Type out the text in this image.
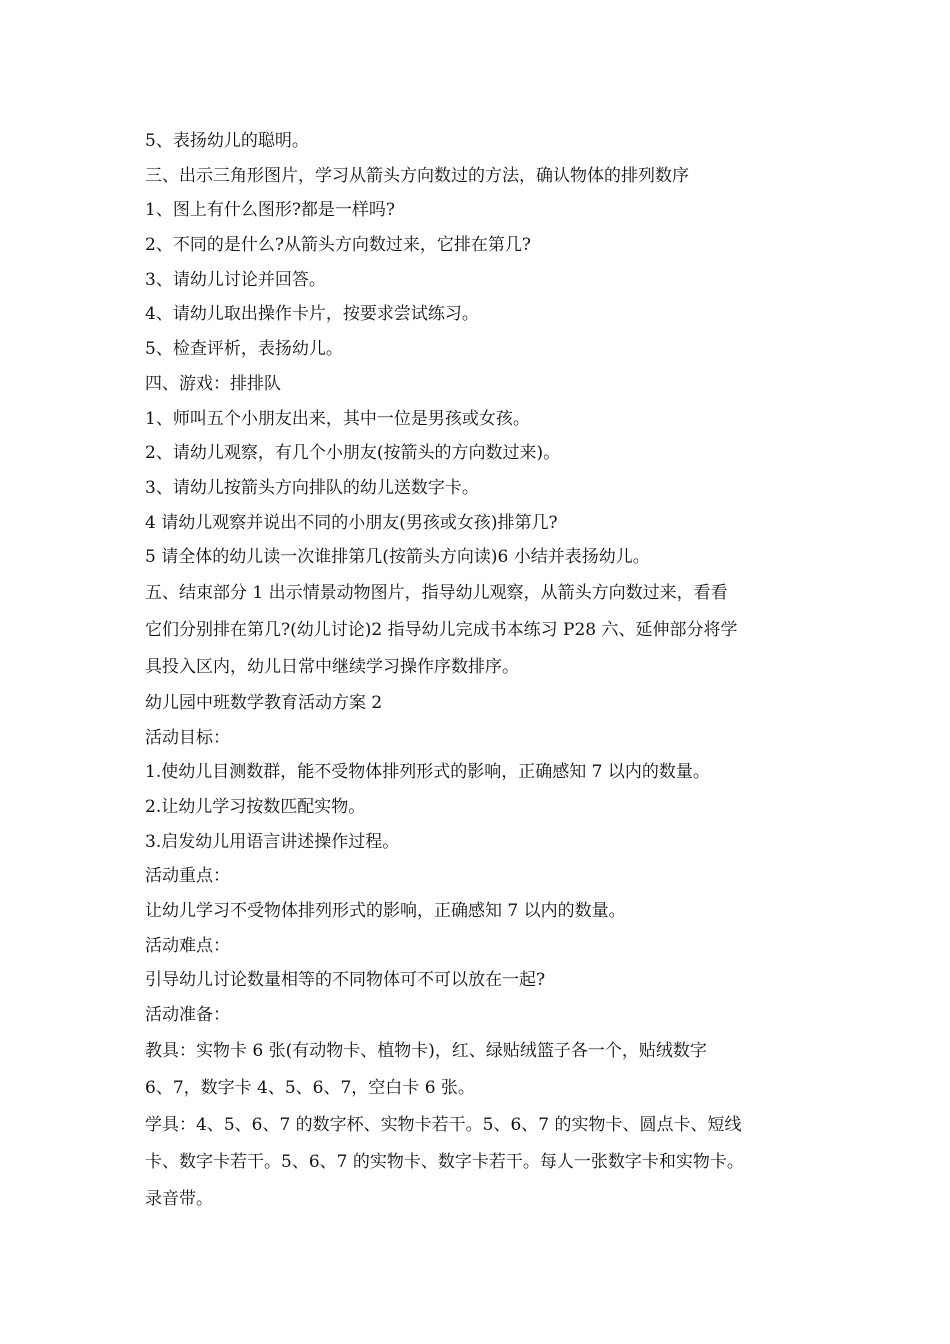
5、表扬幼儿的聪明。
三、出示三角形图片，学习从箭头方向数过的方法，确认物体的排列数序
1、图上有什么图形?都是一样吗?
2、不同的是什么?从箭头方向数过来，它排在第几?
3、请幼儿讨论并回答。
4、请幼儿取出操作卡片，按要求尝试练习。
5、检查评析，表扬幼儿。
四、游戏：排排队
1、师叫五个小朋友出来，其中一位是男孩或女孩。
2、请幼儿观察，有几个小朋友(按箭头的方向数过来)。
3、请幼儿按箭头方向排队的幼儿送数字卡。
4 请幼儿观察并说出不同的小朋友(男孩或女孩)排第几?
5 请全体的幼儿读一次谁排第几(按箭头方向读)6 小结并表扬幼儿。
五、结束部分 1 出示情景动物图片，指导幼儿观察，从箭头方向数过来，看看
它们分别排在第几?(幼儿讨论)2 指导幼儿完成书本练习 P28 六、延伸部分将学
具投入区内，幼儿日常中继续学习操作序数排序。
幼儿园中班数学教育活动方案 2
活动目标：
1.使幼儿目测数群，能不受物体排列形式的影响，正确感知 7 以内的数量。
2.让幼儿学习按数匹配实物。
3.启发幼儿用语言讲述操作过程。
活动重点：
让幼儿学习不受物体排列形式的影响，正确感知 7 以内的数量。
活动难点：
引导幼儿讨论数量相等的不同物体可不可以放在一起?
活动准备：
教具：实物卡 6 张(有动物卡、植物卡)，红、绿贴绒篮子各一个，贴绒数字
6、7，数字卡 4、5、6、7，空白卡 6 张。
学具：4、5、6、7 的数字杯、实物卡若干。5、6、7 的实物卡、圆点卡、短线
卡、数字卡若干。5、6、7 的实物卡、数字卡若干。每人一张数字卡和实物卡。
录音带。
